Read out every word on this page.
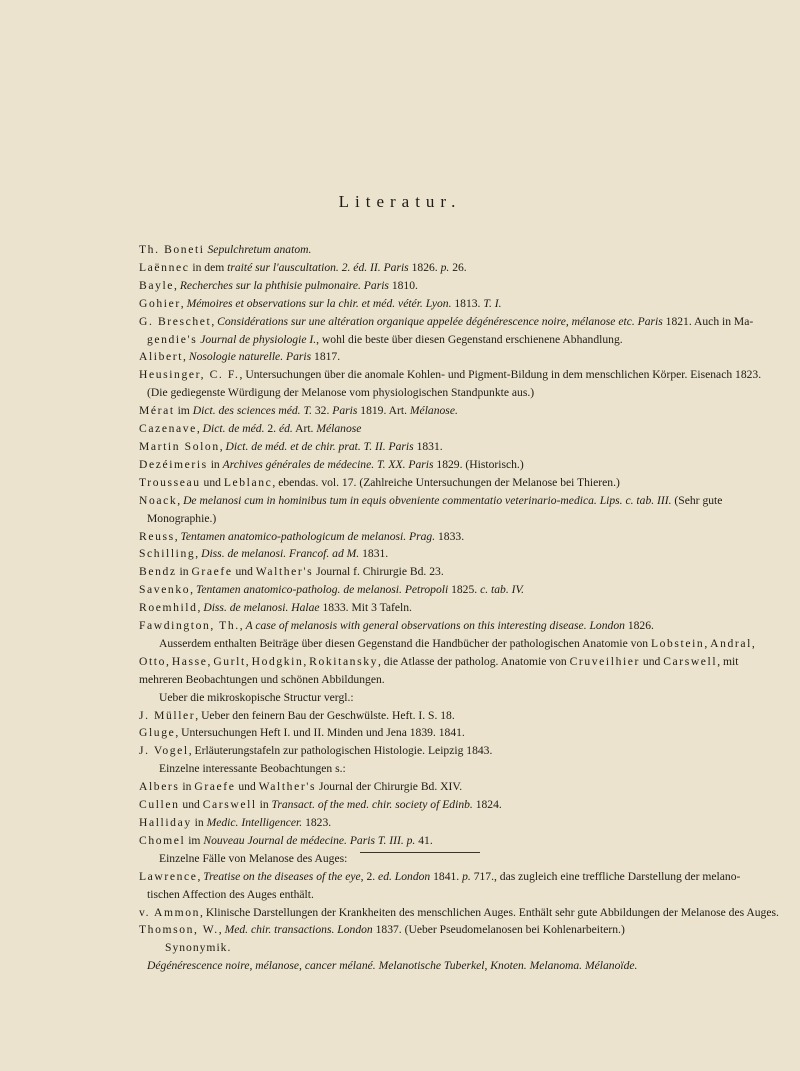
Literatur.
Th. Boneti Sepulchretum anatom.
Laënnec in dem traité sur l'auscultation. 2. éd. II. Paris 1826. p. 26.
Bayle, Recherches sur la phthisie pulmonaire. Paris 1810.
Gohier, Mémoires et observations sur la chir. et méd. vétér. Lyon. 1813. T. I.
G. Breschet, Considérations sur une altération organique appelée dégénérescence noire, mélanose etc. Paris 1821. Auch in Ma-
gendie's Journal de physiologie I., wohl die beste über diesen Gegenstand erschienene Abhandlung.
Alibert, Nosologie naturelle. Paris 1817.
Heusinger, C. F., Untersuchungen über die anomale Kohlen- und Pigment-Bildung in dem menschlichen Körper. Eisenach 1823.
(Die gediegenste Würdigung der Melanose vom physiologischen Standpunkte aus.)
Mérat im Dict. des sciences méd. T. 32. Paris 1819. Art. Mélanose.
Cazenave, Dict. de méd. 2. éd. Art. Mélanose
Martin Solon, Dict. de méd. et de chir. prat. T. II. Paris 1831.
Dezéimeris in Archives générales de médecine. T. XX. Paris 1829. (Historisch.)
Trousseau und Leblanc, ebendas. vol. 17. (Zahlreiche Untersuchungen der Melanose bei Thieren.)
Noack, De melanosi cum in hominibus tum in equis obveniente commentatio veterinario-medica. Lips. c. tab. III. (Sehr gute
Monographie.)
Reuss, Tentamen anatomico-pathologicum de melanosi. Prag. 1833.
Schilling, Diss. de melanosi. Francof. ad M. 1831.
Bendz in Graefe und Walther's Journal f. Chirurgie Bd. 23.
Savenko, Tentamen anatomico-patholog. de melanosi. Petropoli 1825. c. tab. IV.
Roemhild, Diss. de melanosi. Halae 1833. Mit 3 Tafeln.
Fawdington, Th., A case of melanosis with general observations on this interesting disease. London 1826.
Ausserdem enthalten Beiträge über diesen Gegenstand die Handbücher der pathologischen Anatomie von Lobstein, Andral,
Otto, Hasse, Gurlt, Hodgkin, Rokitansky, die Atlasse der patholog. Anatomie von Cruveilhier und Carswell, mit
mehreren Beobachtungen und schönen Abbildungen.
Ueber die mikroskopische Structur vergl.:
J. Müller, Ueber den feinern Bau der Geschwülste. Heft. I. S. 18.
Gluge, Untersuchungen Heft I. und II. Minden und Jena 1839. 1841.
J. Vogel, Erläuterungstafeln zur pathologischen Histologie. Leipzig 1843.
Einzelne interessante Beobachtungen s.:
Albers in Graefe und Walther's Journal der Chirurgie Bd. XIV.
Cullen und Carswell in Transact. of the med. chir. society of Edinb. 1824.
Halliday in Medic. Intelligencer. 1823.
Chomel im Nouveau Journal de médecine. Paris T. III. p. 41.
Einzelne Fälle von Melanose des Auges:
Lawrence, Treatise on the diseases of the eye, 2. ed. London 1841. p. 717., das zugleich eine treffliche Darstellung der melano-
tischen Affection des Auges enthält.
v. Ammon, Klinische Darstellungen der Krankheiten des menschlichen Auges. Enthält sehr gute Abbildungen der Melanose des Auges.
Thomson, W., Med. chir. transactions. London 1837. (Ueber Pseudomelanosen bei Kohlenarbeitern.)
Synonymik.
Dégénérescence noire, mélanose, cancer mélané. Melanotische Tuberkel, Knoten. Melanoma. Mélanoïde.
